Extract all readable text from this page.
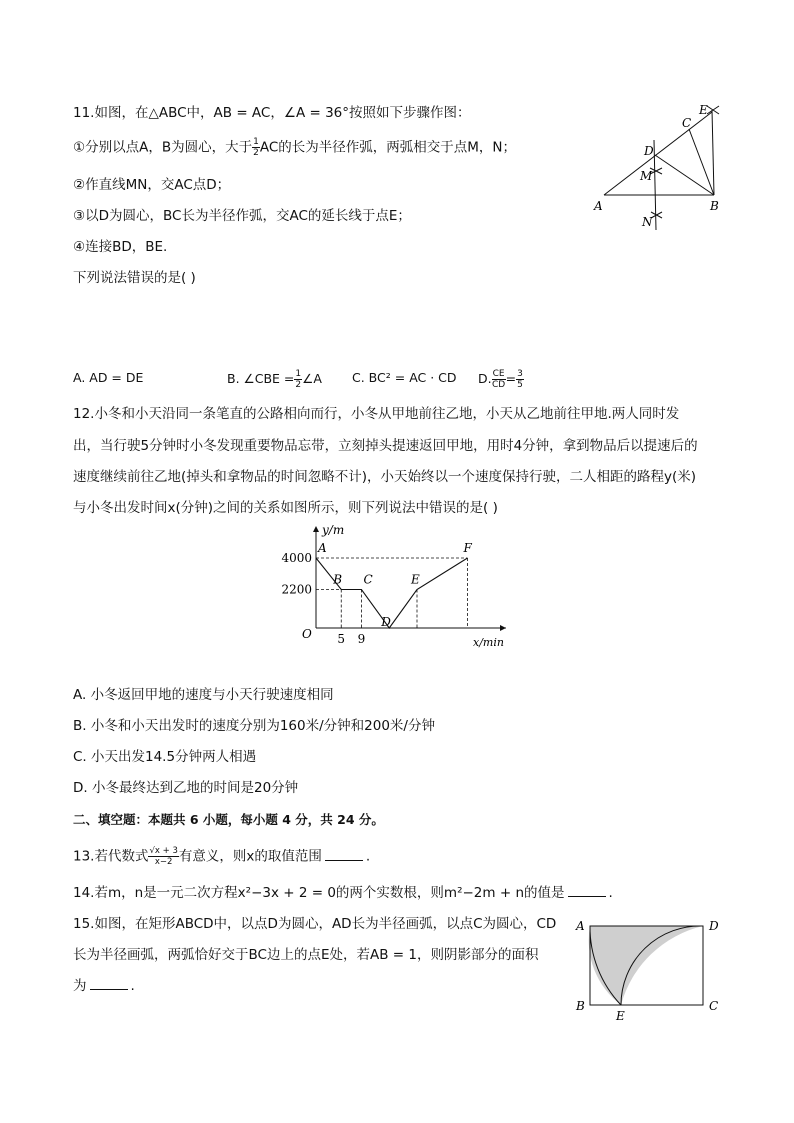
11.如图，在△ABC中，AB = AC，∠A = 36°按照如下步骤作图：
①分别以点A，B为圆心，大于 $\frac{1}{2}$ AC的长为半径作弧，两弧相交于点M，N；
②作直线MN，交AC点D；
③以D为圆心，BC长为半径作弧，交AC的延长线于点E；
④连接BD，BE.
下列说法错误的是( )
A	B
C
D
E
M
N
A. AD = DE	B. ∠CBE = $\frac{1}{2}$ ∠A C. BC² = AC · CD D. $\frac{CE}{CD} = \frac{3}{5}$
12.小冬和小天沿同一条笔直的公路相向而行，小冬从甲地前往乙地，小天从乙地前往甲地.两人同时发
出，当行驶5分钟时小冬发现重要物品忘带，立刻掉头提速返回甲地，用时4分钟，拿到物品后以提速后的
速度继续前往乙地(掉头和拿物品的时间忽略不计)，小天始终以一个速度保持行驶，二人相距的路程y(米)
与小冬出发时间x(分钟)之间的关系如图所示，则下列说法中错误的是( )
y/m
x/min
O
2200
4000
5 9
A
B C
D
E
F
A. 小冬返回甲地的速度与小天行驶速度相同
B. 小冬和小天出发时的速度分别为160米/分钟和200米/分钟
C. 小天出发14.5分钟两人相遇
D. 小冬最终达到乙地的时间是20分钟
二、填空题：本题共 6 小题，每小题 4 分，共 24 分。
13.若代数式 $\frac{√x + 3}{x-2}$ 有意义，则x的取值范围	.
14.若m，n是一元二次方程x²−3x + 2 = 0的两个实数根，则m²−2m + n的值是	.
15.如图，在矩形ABCD中，以点D为圆心，AD长为半径画弧，以点C为圆心，CD
长为半径画弧，两弧恰好交于BC边上的点E处，若AB = 1，则阴影部分的面积
为	.
A	D
B	C
E
